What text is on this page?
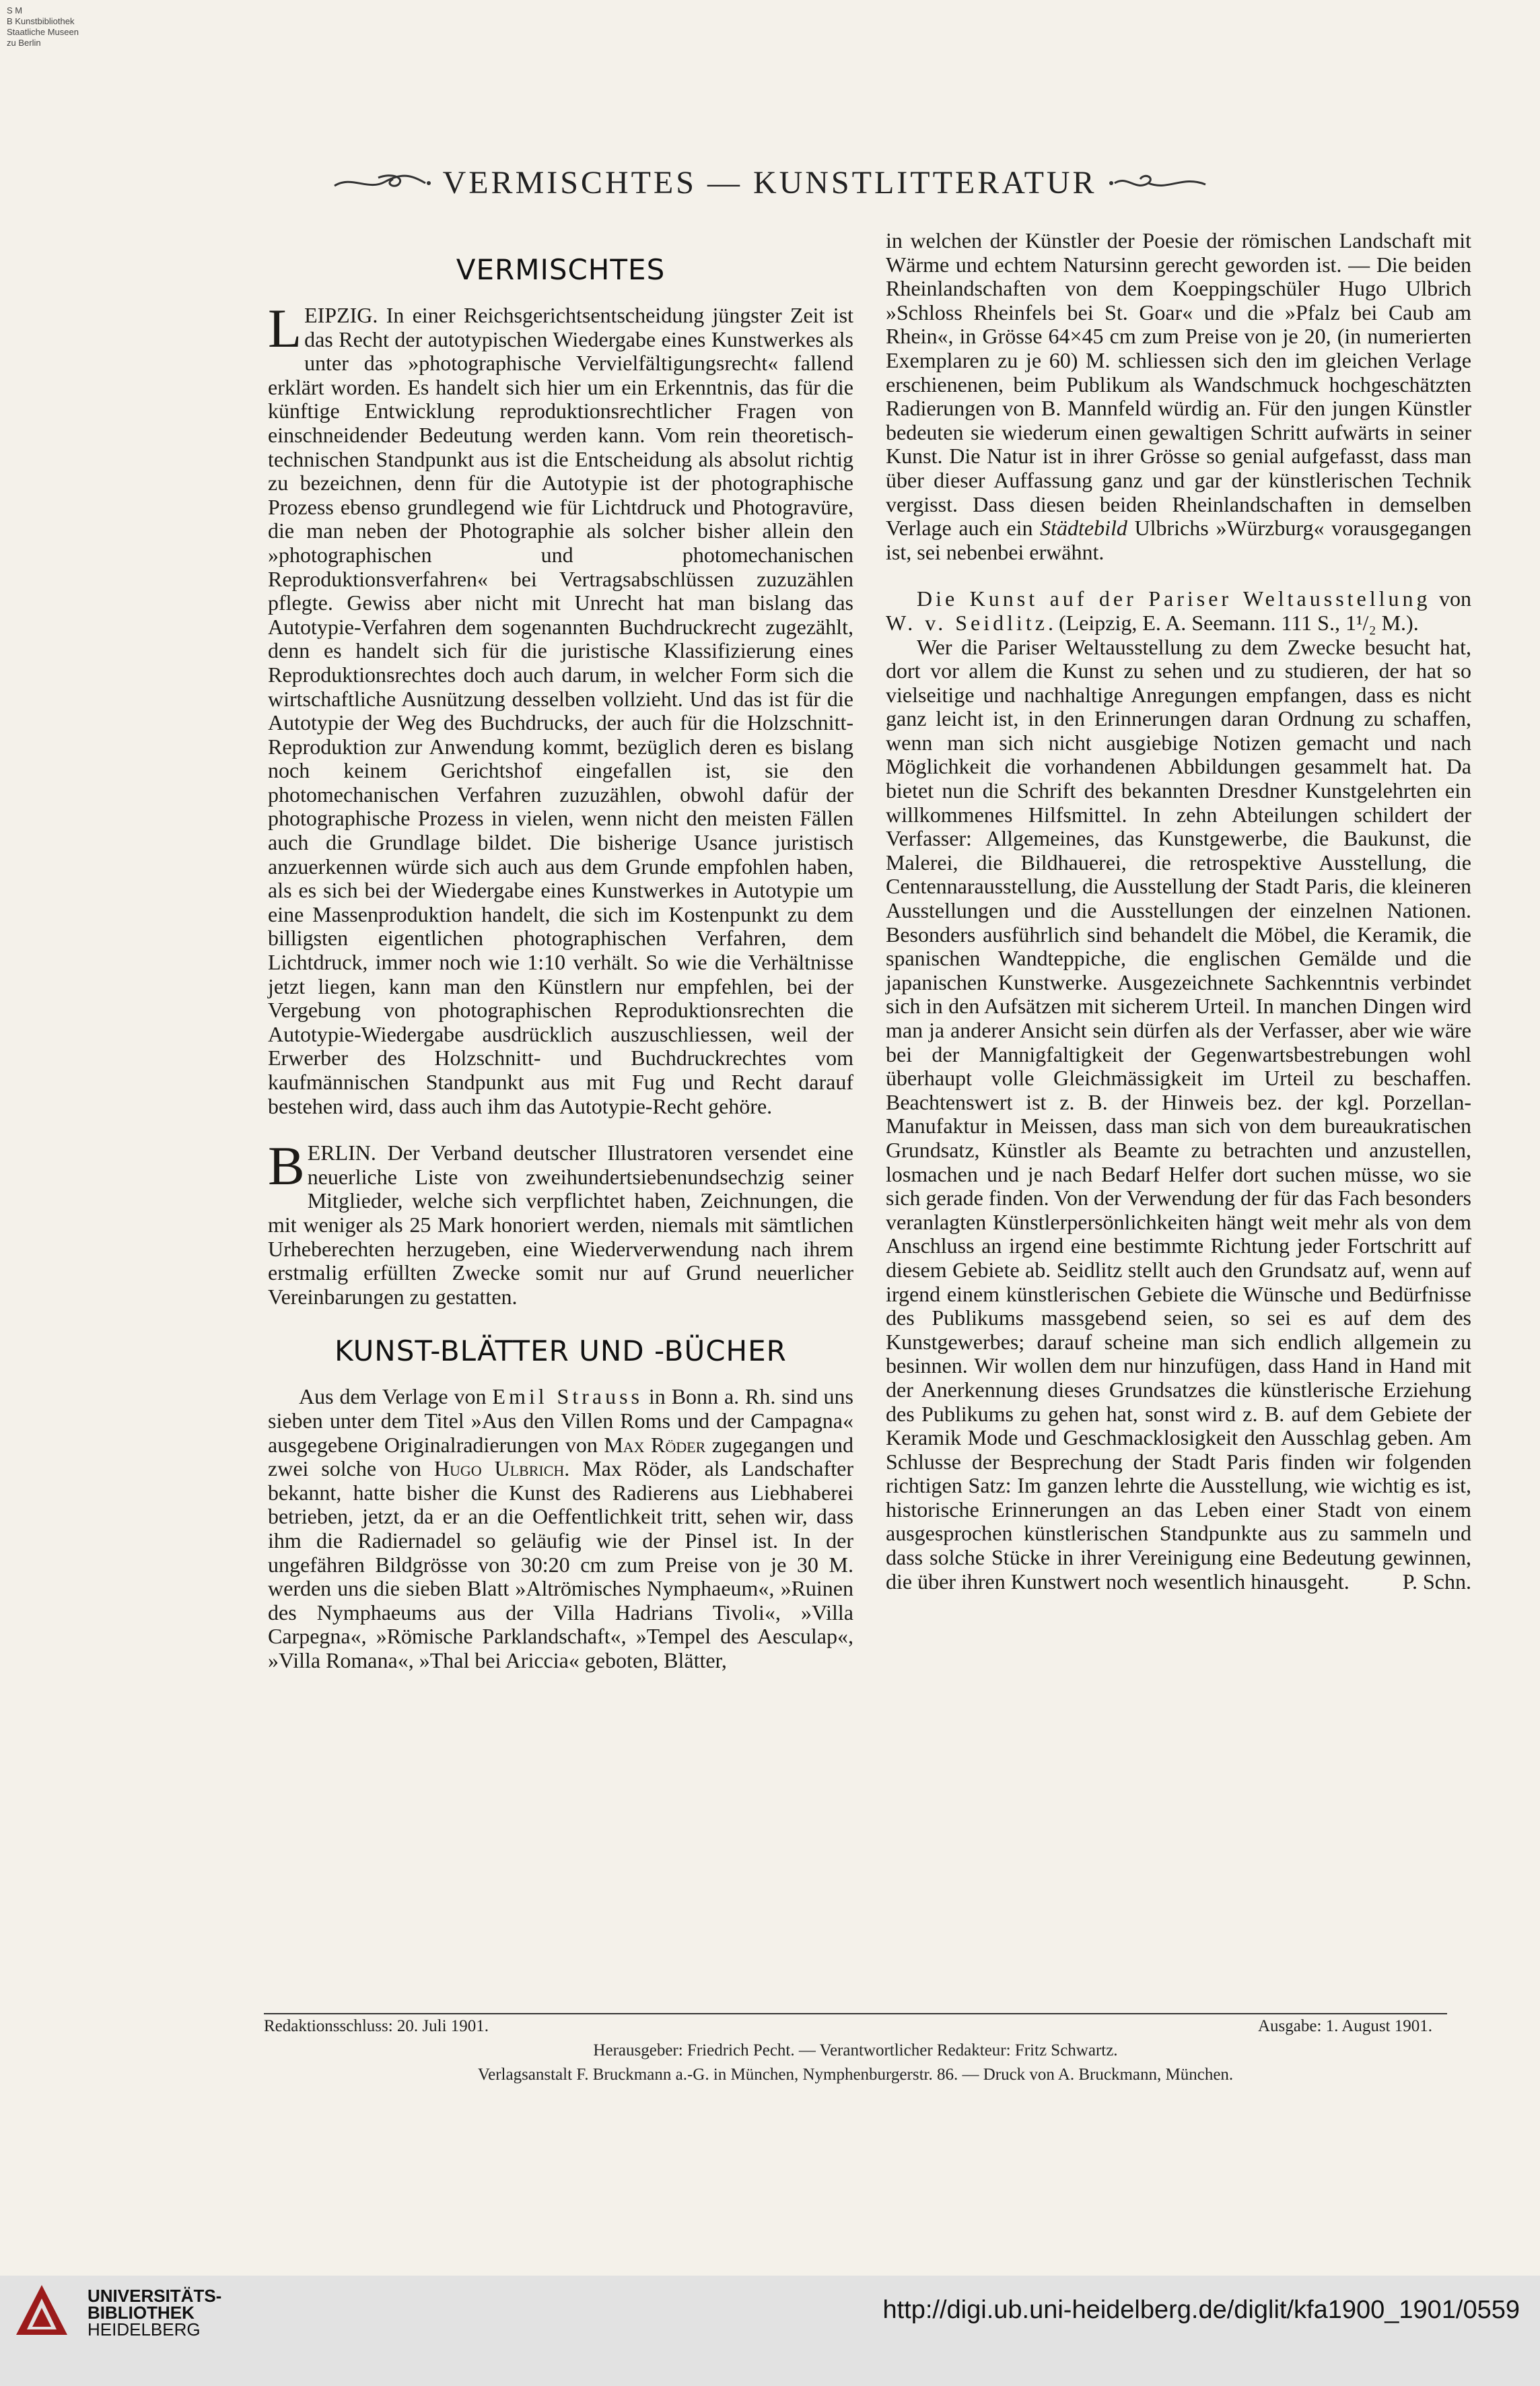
S M
B Kunstbibliothek
Staatliche Museen
zu Berlin
VERMISCHTES — KUNSTLITTERATUR
VERMISCHTES

LEIPZIG. In einer Reichsgerichtsentscheidung jüngster Zeit ist das Recht der autotypischen Wiedergabe eines Kunstwerkes als unter das »photographische Vervielfältigungsrecht« fallend erklärt worden. Es handelt sich hier um ein Erkenntnis, das für die künftige Entwicklung reproduktionsrechtlicher Fragen von einschneidender Bedeutung werden kann. Vom rein theoretisch-technischen Standpunkt aus ist die Entscheidung als absolut richtig zu bezeichnen, denn für die Autotypie ist der photographische Prozess ebenso grundlegend wie für Lichtdruck und Photogravüre, die man neben der Photographie als solcher bisher allein den »photographischen und photomechanischen Reproduktionsverfahren« bei Vertragsabschlüssen zuzuzählen pflegte. Gewiss aber nicht mit Unrecht hat man bislang das Autotypie-Verfahren dem sogenannten Buchdruckrecht zugezählt, denn es handelt sich für die juristische Klassifizierung eines Reproduktionsrechtes doch auch darum, in welcher Form sich die wirtschaftliche Ausnützung desselben vollzieht. Und das ist für die Autotypie der Weg des Buchdrucks, der auch für die Holzschnitt-Reproduktion zur Anwendung kommt, bezüglich deren es bislang noch keinem Gerichtshof eingefallen ist, sie den photomechanischen Verfahren zuzuzählen, obwohl dafür der photographische Prozess in vielen, wenn nicht den meisten Fällen auch die Grundlage bildet. Die bisherige Usance juristisch anzuerkennen würde sich auch aus dem Grunde empfohlen haben, als es sich bei der Wiedergabe eines Kunstwerkes in Autotypie um eine Massenproduktion handelt, die sich im Kostenpunkt zu dem billigsten eigentlichen photographischen Verfahren, dem Lichtdruck, immer noch wie 1:10 verhält. So wie die Verhältnisse jetzt liegen, kann man den Künstlern nur empfehlen, bei der Vergebung von photographischen Reproduktionsrechten die Autotypie-Wiedergabe ausdrücklich auszuschliessen, weil der Erwerber des Holzschnitt- und Buchdruckrechtes vom kaufmännischen Standpunkt aus mit Fug und Recht darauf bestehen wird, dass auch ihm das Autotypie-Recht gehöre.

BERLIN. Der Verband deutscher Illustratoren versendet eine neuerliche Liste von zweihundertsiebenundsechzig seiner Mitglieder, welche sich verpflichtet haben, Zeichnungen, die mit weniger als 25 Mark honoriert werden, niemals mit sämtlichen Urheberechten herzugeben, eine Wiederverwendung nach ihrem erstmalig erfüllten Zwecke somit nur auf Grund neuerlicher Vereinbarungen zu gestatten.

KUNST-BLÄTTER UND -BÜCHER

Aus dem Verlage von Emil Strauss in Bonn a. Rh. sind uns sieben unter dem Titel »Aus den Villen Roms und der Campagna« ausgegebene Originalradierungen von Max Röder zugegangen und zwei solche von Hugo Ulbrich. Max Röder, als Landschafter bekannt, hatte bisher die Kunst des Radierens aus Liebhaberei betrieben, jetzt, da er an die Oeffentlichkeit tritt, sehen wir, dass ihm die Radiernadel so geläufig wie der Pinsel ist. In der ungefähren Bildgrösse von 30:20 cm zum Preise von je 30 M. werden uns die sieben Blatt »Altrömisches Nymphaeum«, »Ruinen des Nymphaeums aus der Villa Hadrians Tivoli«, »Villa Carpegna«, »Römische Parklandschaft«, »Tempel des Aesculap«, »Villa Romana«, »Thal bei Ariccia« geboten, Blätter,

in welchen der Künstler der Poesie der römischen Landschaft mit Wärme und echtem Natursinn gerecht geworden ist. — Die beiden Rheinlandschaften von dem Koeppingschüler Hugo Ulbrich »Schloss Rheinfels bei St. Goar« und die »Pfalz bei Caub am Rhein«, in Grösse 64×45 cm zum Preise von je 20, (in numerierten Exemplaren zu je 60) M. schliessen sich den im gleichen Verlage erschienenen, beim Publikum als Wandschmuck hochgeschätzten Radierungen von B. Mannfeld würdig an. Für den jungen Künstler bedeuten sie wiederum einen gewaltigen Schritt aufwärts in seiner Kunst. Die Natur ist in ihrer Grösse so genial aufgefasst, dass man über dieser Auffassung ganz und gar der künstlerischen Technik vergisst. Dass diesen beiden Rheinlandschaften in demselben Verlage auch ein Städtebild Ulbrichs »Würzburg« vorausgegangen ist, sei nebenbei erwähnt.

Die Kunst auf der Pariser Weltausstellung von W. v. Seidlitz. (Leipzig, E. A. Seemann. 111 S., 1¹/₂ M.).

Wer die Pariser Weltausstellung zu dem Zwecke besucht hat, dort vor allem die Kunst zu sehen und zu studieren, der hat so vielseitige und nachhaltige Anregungen empfangen, dass es nicht ganz leicht ist, in den Erinnerungen daran Ordnung zu schaffen, wenn man sich nicht ausgiebige Notizen gemacht und nach Möglichkeit die vorhandenen Abbildungen gesammelt hat. Da bietet nun die Schrift des bekannten Dresdner Kunstgelehrten ein willkommenes Hilfsmittel. In zehn Abteilungen schildert der Verfasser: Allgemeines, das Kunstgewerbe, die Baukunst, die Malerei, die Bildhauerei, die retrospektive Ausstellung, die Centennarausstellung, die Ausstellung der Stadt Paris, die kleineren Ausstellungen und die Ausstellungen der einzelnen Nationen. Besonders ausführlich sind behandelt die Möbel, die Keramik, die spanischen Wandteppiche, die englischen Gemälde und die japanischen Kunstwerke. Ausgezeichnete Sachkenntnis verbindet sich in den Aufsätzen mit sicherem Urteil. In manchen Dingen wird man ja anderer Ansicht sein dürfen als der Verfasser, aber wie wäre bei der Mannigfaltigkeit der Gegenwartsbestrebungen wohl überhaupt volle Gleichmässigkeit im Urteil zu beschaffen. Beachtenswert ist z. B. der Hinweis bez. der kgl. Porzellan-Manufaktur in Meissen, dass man sich von dem bureaukratischen Grundsatz, Künstler als Beamte zu betrachten und anzustellen, losmachen und je nach Bedarf Helfer dort suchen müsse, wo sie sich gerade finden. Von der Verwendung der für das Fach besonders veranlagten Künstlerpersönlichkeiten hängt weit mehr als von dem Anschluss an irgend eine bestimmte Richtung jeder Fortschritt auf diesem Gebiete ab. Seidlitz stellt auch den Grundsatz auf, wenn auf irgend einem künstlerischen Gebiete die Wünsche und Bedürfnisse des Publikums massgebend seien, so sei es auf dem des Kunstgewerbes; darauf scheine man sich endlich allgemein zu besinnen. Wir wollen dem nur hinzufügen, dass Hand in Hand mit der Anerkennung dieses Grundsatzes die künstlerische Erziehung des Publikums zu gehen hat, sonst wird z. B. auf dem Gebiete der Keramik Mode und Geschmacklosigkeit den Ausschlag geben. Am Schlusse der Besprechung der Stadt Paris finden wir folgenden richtigen Satz: Im ganzen lehrte die Ausstellung, wie wichtig es ist, historische Erinnerungen an das Leben einer Stadt von einem ausgesprochen künstlerischen Standpunkte aus zu sammeln und dass solche Stücke in ihrer Vereinigung eine Bedeutung gewinnen, die über ihren Kunstwert noch wesentlich hinausgeht.	P. Schn.

Redaktionsschluss: 20. Juli 1901.	Ausgabe: 1. August 1901.
Herausgeber: Friedrich Pecht. — Verantwortlicher Redakteur: Fritz Schwartz.
Verlagsanstalt F. Bruckmann a.-G. in München, Nymphenburgerstr. 86. — Druck von A. Bruckmann, München.
UNIVERSITÄTS-
BIBLIOTHEK
HEIDELBERG
http://digi.ub.uni-heidelberg.de/diglit/kfa1900_1901/0559
